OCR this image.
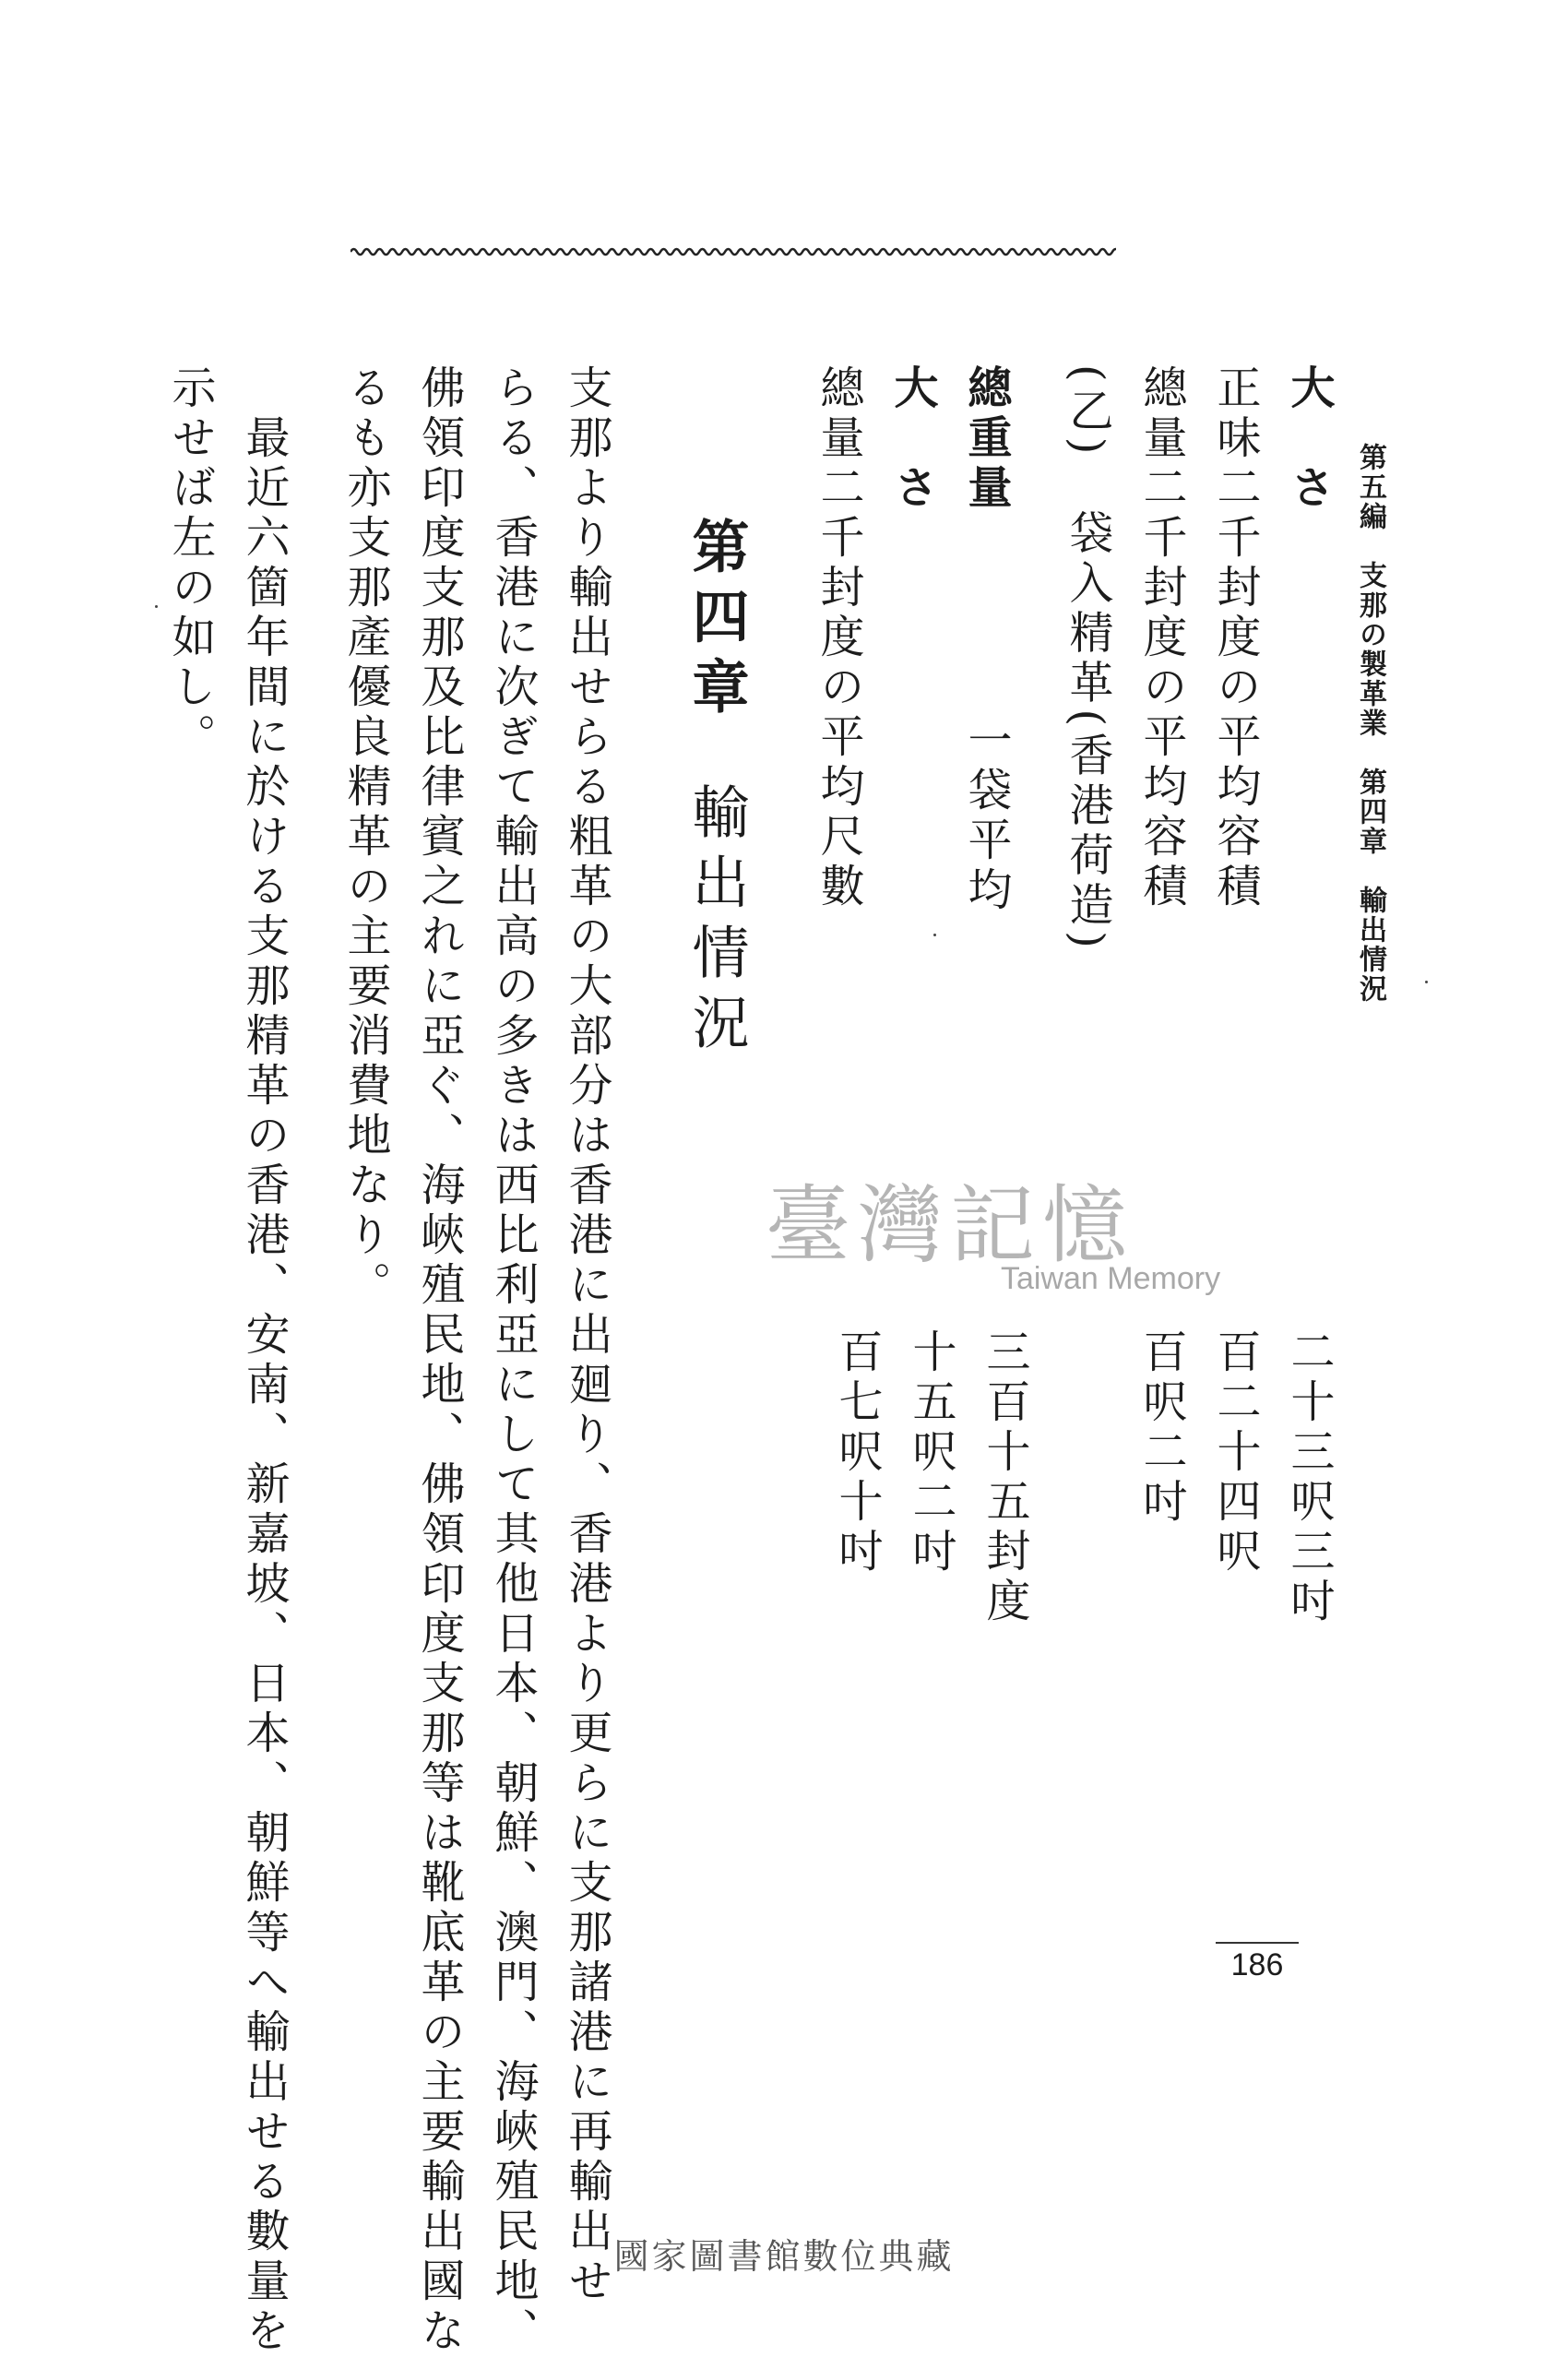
第五編　支那の製革業　第四章　輸出情況
大　さ
正味二千封度の平均容積
總量二千封度の平均容積
二十三呎三吋
百二十四呎
百呎二吋
(乙)　袋入精革(香港荷造)
總重量一袋平均
大　さ
總量二千封度の平均尺數
三百十五封度
十五呎二吋
百七呎十吋
第四章輸出情況
支那より輸出せらる粗革の大部分は香港に出廻り、香港より更らに支那諸港に再輸出せ
らる、香港に次ぎて輸出高の多きは西比利亞にして其他日本、朝鮮、澳門、海峽殖民地、
佛領印度支那及比律賓之れに亞ぐ、海峽殖民地、佛領印度支那等は靴底革の主要輸出國な
るも亦支那產優良精革の主要消費地なり。
　最近六箇年間に於ける支那精革の香港、安南、新嘉坡、日本、朝鮮等へ輸出せる數量を
示せば左の如し。
臺灣記憶
Taiwan Memory
186
國家圖書館數位典藏
